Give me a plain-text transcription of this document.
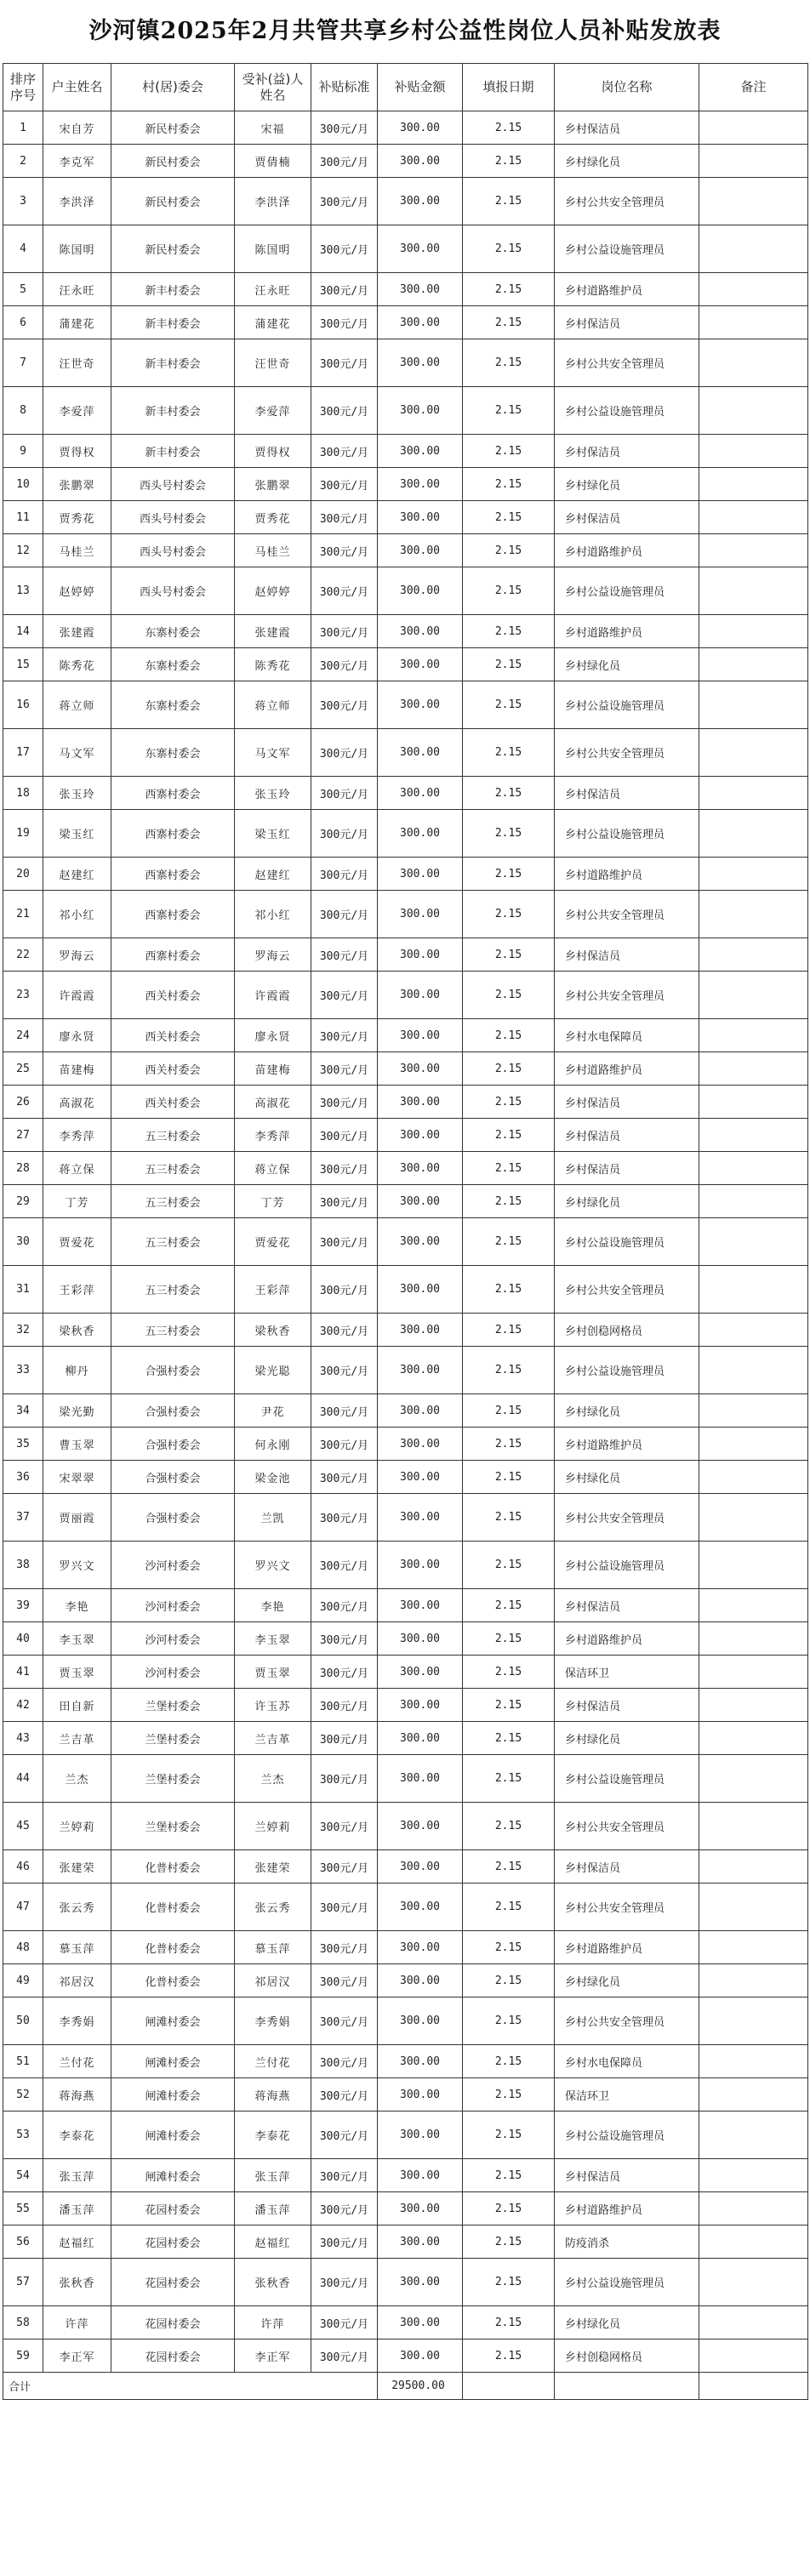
沙河镇2025年2月共管共享乡村公益性岗位人员补贴发放表
排序序号	户主姓名	村(居)委会	受补(益)人姓名	补贴标准	补贴金额	填报日期	岗位名称	备注
1	宋自芳	新民村委会	宋福	300元/月	300.00	2.15	乡村保洁员	
2	李克军	新民村委会	贾倩楠	300元/月	300.00	2.15	乡村绿化员	
3	李洪泽	新民村委会	李洪泽	300元/月	300.00	2.15	乡村公共安全管理员	
4	陈国明	新民村委会	陈国明	300元/月	300.00	2.15	乡村公益设施管理员	
5	汪永旺	新丰村委会	汪永旺	300元/月	300.00	2.15	乡村道路维护员	
6	蒲建花	新丰村委会	蒲建花	300元/月	300.00	2.15	乡村保洁员	
7	汪世奇	新丰村委会	汪世奇	300元/月	300.00	2.15	乡村公共安全管理员	
8	李爱萍	新丰村委会	李爱萍	300元/月	300.00	2.15	乡村公益设施管理员	
9	贾得权	新丰村委会	贾得权	300元/月	300.00	2.15	乡村保洁员	
10	张鹏翠	西头号村委会	张鹏翠	300元/月	300.00	2.15	乡村绿化员	
11	贾秀花	西头号村委会	贾秀花	300元/月	300.00	2.15	乡村保洁员	
12	马桂兰	西头号村委会	马桂兰	300元/月	300.00	2.15	乡村道路维护员	
13	赵婷婷	西头号村委会	赵婷婷	300元/月	300.00	2.15	乡村公益设施管理员	
14	张建霞	东寨村委会	张建霞	300元/月	300.00	2.15	乡村道路维护员	
15	陈秀花	东寨村委会	陈秀花	300元/月	300.00	2.15	乡村绿化员	
16	蒋立师	东寨村委会	蒋立师	300元/月	300.00	2.15	乡村公益设施管理员	
17	马文军	东寨村委会	马文军	300元/月	300.00	2.15	乡村公共安全管理员	
18	张玉玲	西寨村委会	张玉玲	300元/月	300.00	2.15	乡村保洁员	
19	梁玉红	西寨村委会	梁玉红	300元/月	300.00	2.15	乡村公益设施管理员	
20	赵建红	西寨村委会	赵建红	300元/月	300.00	2.15	乡村道路维护员	
21	祁小红	西寨村委会	祁小红	300元/月	300.00	2.15	乡村公共安全管理员	
22	罗海云	西寨村委会	罗海云	300元/月	300.00	2.15	乡村保洁员	
23	许霞霞	西关村委会	许霞霞	300元/月	300.00	2.15	乡村公共安全管理员	
24	廖永贤	西关村委会	廖永贤	300元/月	300.00	2.15	乡村水电保障员	
25	苗建梅	西关村委会	苗建梅	300元/月	300.00	2.15	乡村道路维护员	
26	高淑花	西关村委会	高淑花	300元/月	300.00	2.15	乡村保洁员	
27	李秀萍	五三村委会	李秀萍	300元/月	300.00	2.15	乡村保洁员	
28	蒋立保	五三村委会	蒋立保	300元/月	300.00	2.15	乡村保洁员	
29	丁芳	五三村委会	丁芳	300元/月	300.00	2.15	乡村绿化员	
30	贾爱花	五三村委会	贾爱花	300元/月	300.00	2.15	乡村公益设施管理员	
31	王彩萍	五三村委会	王彩萍	300元/月	300.00	2.15	乡村公共安全管理员	
32	梁秋香	五三村委会	梁秋香	300元/月	300.00	2.15	乡村创稳网格员	
33	柳丹	合强村委会	梁光聪	300元/月	300.00	2.15	乡村公益设施管理员	
34	梁光勤	合强村委会	尹花	300元/月	300.00	2.15	乡村绿化员	
35	曹玉翠	合强村委会	何永刚	300元/月	300.00	2.15	乡村道路维护员	
36	宋翠翠	合强村委会	梁金池	300元/月	300.00	2.15	乡村绿化员	
37	贾丽霞	合强村委会	兰凯	300元/月	300.00	2.15	乡村公共安全管理员	
38	罗兴文	沙河村委会	罗兴文	300元/月	300.00	2.15	乡村公益设施管理员	
39	李艳	沙河村委会	李艳	300元/月	300.00	2.15	乡村保洁员	
40	李玉翠	沙河村委会	李玉翠	300元/月	300.00	2.15	乡村道路维护员	
41	贾玉翠	沙河村委会	贾玉翠	300元/月	300.00	2.15	保洁环卫	
42	田自新	兰堡村委会	许玉苏	300元/月	300.00	2.15	乡村保洁员	
43	兰吉革	兰堡村委会	兰吉革	300元/月	300.00	2.15	乡村绿化员	
44	兰杰	兰堡村委会	兰杰	300元/月	300.00	2.15	乡村公益设施管理员	
45	兰婷莉	兰堡村委会	兰婷莉	300元/月	300.00	2.15	乡村公共安全管理员	
46	张建荣	化普村委会	张建荣	300元/月	300.00	2.15	乡村保洁员	
47	张云秀	化普村委会	张云秀	300元/月	300.00	2.15	乡村公共安全管理员	
48	慕玉萍	化普村委会	慕玉萍	300元/月	300.00	2.15	乡村道路维护员	
49	祁居汉	化普村委会	祁居汉	300元/月	300.00	2.15	乡村绿化员	
50	李秀娟	闸滩村委会	李秀娟	300元/月	300.00	2.15	乡村公共安全管理员	
51	兰付花	闸滩村委会	兰付花	300元/月	300.00	2.15	乡村水电保障员	
52	蒋海燕	闸滩村委会	蒋海燕	300元/月	300.00	2.15	保洁环卫	
53	李泰花	闸滩村委会	李泰花	300元/月	300.00	2.15	乡村公益设施管理员	
54	张玉萍	闸滩村委会	张玉萍	300元/月	300.00	2.15	乡村保洁员	
55	潘玉萍	花园村委会	潘玉萍	300元/月	300.00	2.15	乡村道路维护员	
56	赵福红	花园村委会	赵福红	300元/月	300.00	2.15	防疫消杀	
57	张秋香	花园村委会	张秋香	300元/月	300.00	2.15	乡村公益设施管理员	
58	许萍	花园村委会	许萍	300元/月	300.00	2.15	乡村绿化员	
59	李正军	花园村委会	李正军	300元/月	300.00	2.15	乡村创稳网格员	
合计					29500.00			
